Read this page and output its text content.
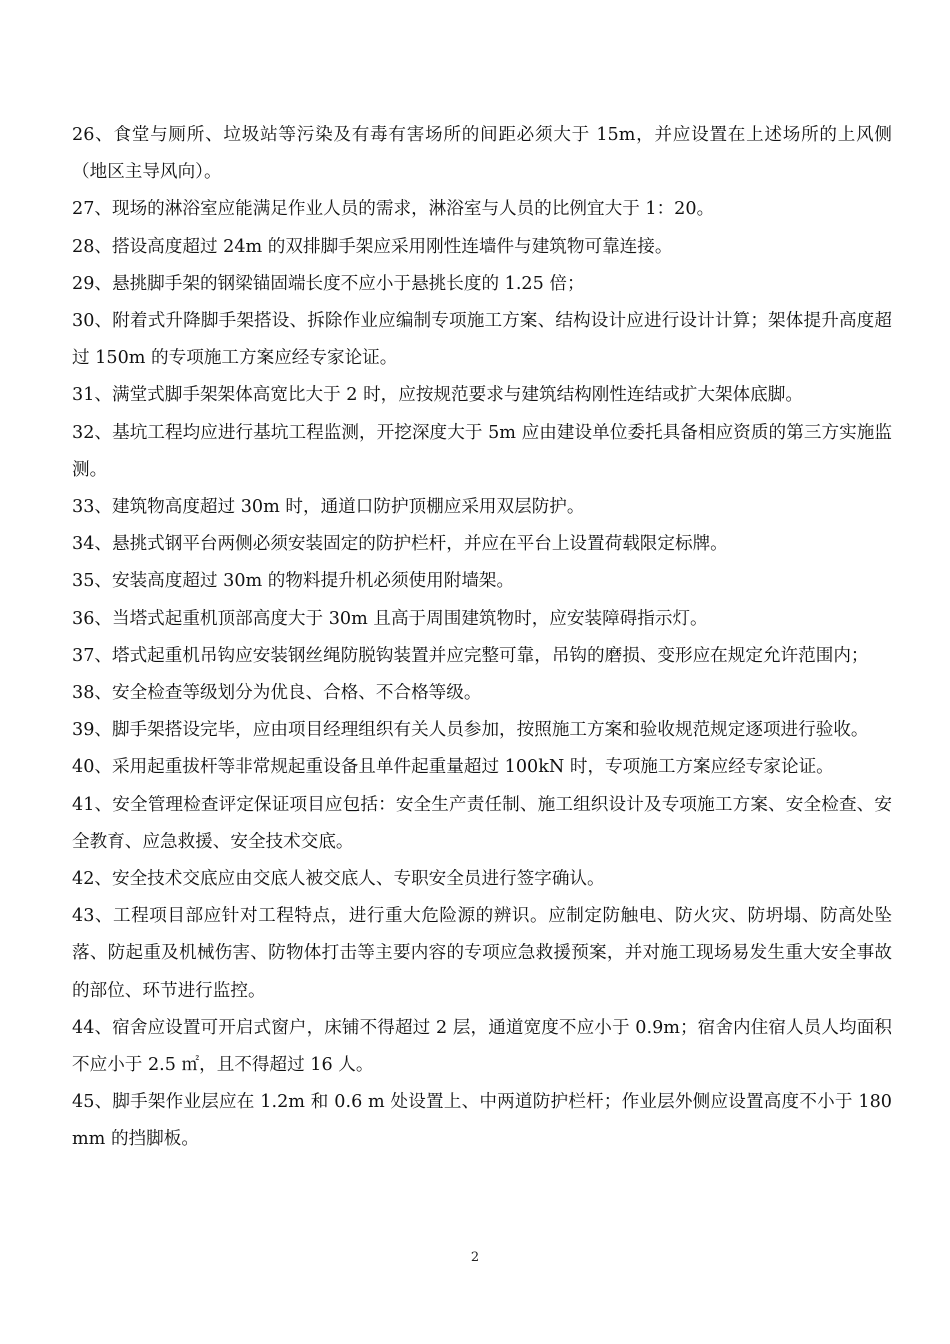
26、食堂与厕所、垃圾站等污染及有毒有害场所的间距必须大于 15m，并应设置在上述场所的上风侧（地区主导风向）。

27、现场的淋浴室应能满足作业人员的需求，淋浴室与人员的比例宜大于 1：20。

28、搭设高度超过 24m 的双排脚手架应采用刚性连墙件与建筑物可靠连接。

29、悬挑脚手架的钢梁锚固端长度不应小于悬挑长度的 1.25 倍；

30、附着式升降脚手架搭设、拆除作业应编制专项施工方案、结构设计应进行设计计算；架体提升高度超过 150m 的专项施工方案应经专家论证。

31、满堂式脚手架架体高宽比大于 2 时，应按规范要求与建筑结构刚性连结或扩大架体底脚。

32、基坑工程均应进行基坑工程监测，开挖深度大于 5m 应由建设单位委托具备相应资质的第三方实施监测。

33、建筑物高度超过 30m 时，通道口防护顶棚应采用双层防护。

34、悬挑式钢平台两侧必须安装固定的防护栏杆，并应在平台上设置荷载限定标牌。

35、安装高度超过 30m 的物料提升机必须使用附墙架。

36、当塔式起重机顶部高度大于 30m 且高于周围建筑物时，应安装障碍指示灯。

37、塔式起重机吊钩应安装钢丝绳防脱钩装置并应完整可靠，吊钩的磨损、变形应在规定允许范围内；

38、安全检查等级划分为优良、合格、不合格等级。

39、脚手架搭设完毕，应由项目经理组织有关人员参加，按照施工方案和验收规范规定逐项进行验收。

40、采用起重拔杆等非常规起重设备且单件起重量超过 100kN 时，专项施工方案应经专家论证。

41、安全管理检查评定保证项目应包括：安全生产责任制、施工组织设计及专项施工方案、安全检查、安全教育、应急救援、安全技术交底。

42、安全技术交底应由交底人被交底人、专职安全员进行签字确认。

43、工程项目部应针对工程特点，进行重大危险源的辨识。应制定防触电、防火灾、防坍塌、防高处坠落、防起重及机械伤害、防物体打击等主要内容的专项应急救援预案，并对施工现场易发生重大安全事故的部位、环节进行监控。

44、宿舍应设置可开启式窗户，床铺不得超过 2 层，通道宽度不应小于 0.9m；宿舍内住宿人员人均面积不应小于 2.5 ㎡，且不得超过 16 人。

45、脚手架作业层应在 1.2m 和 0.6 m 处设置上、中两道防护栏杆；作业层外侧应设置高度不小于 180mm 的挡脚板。

2
